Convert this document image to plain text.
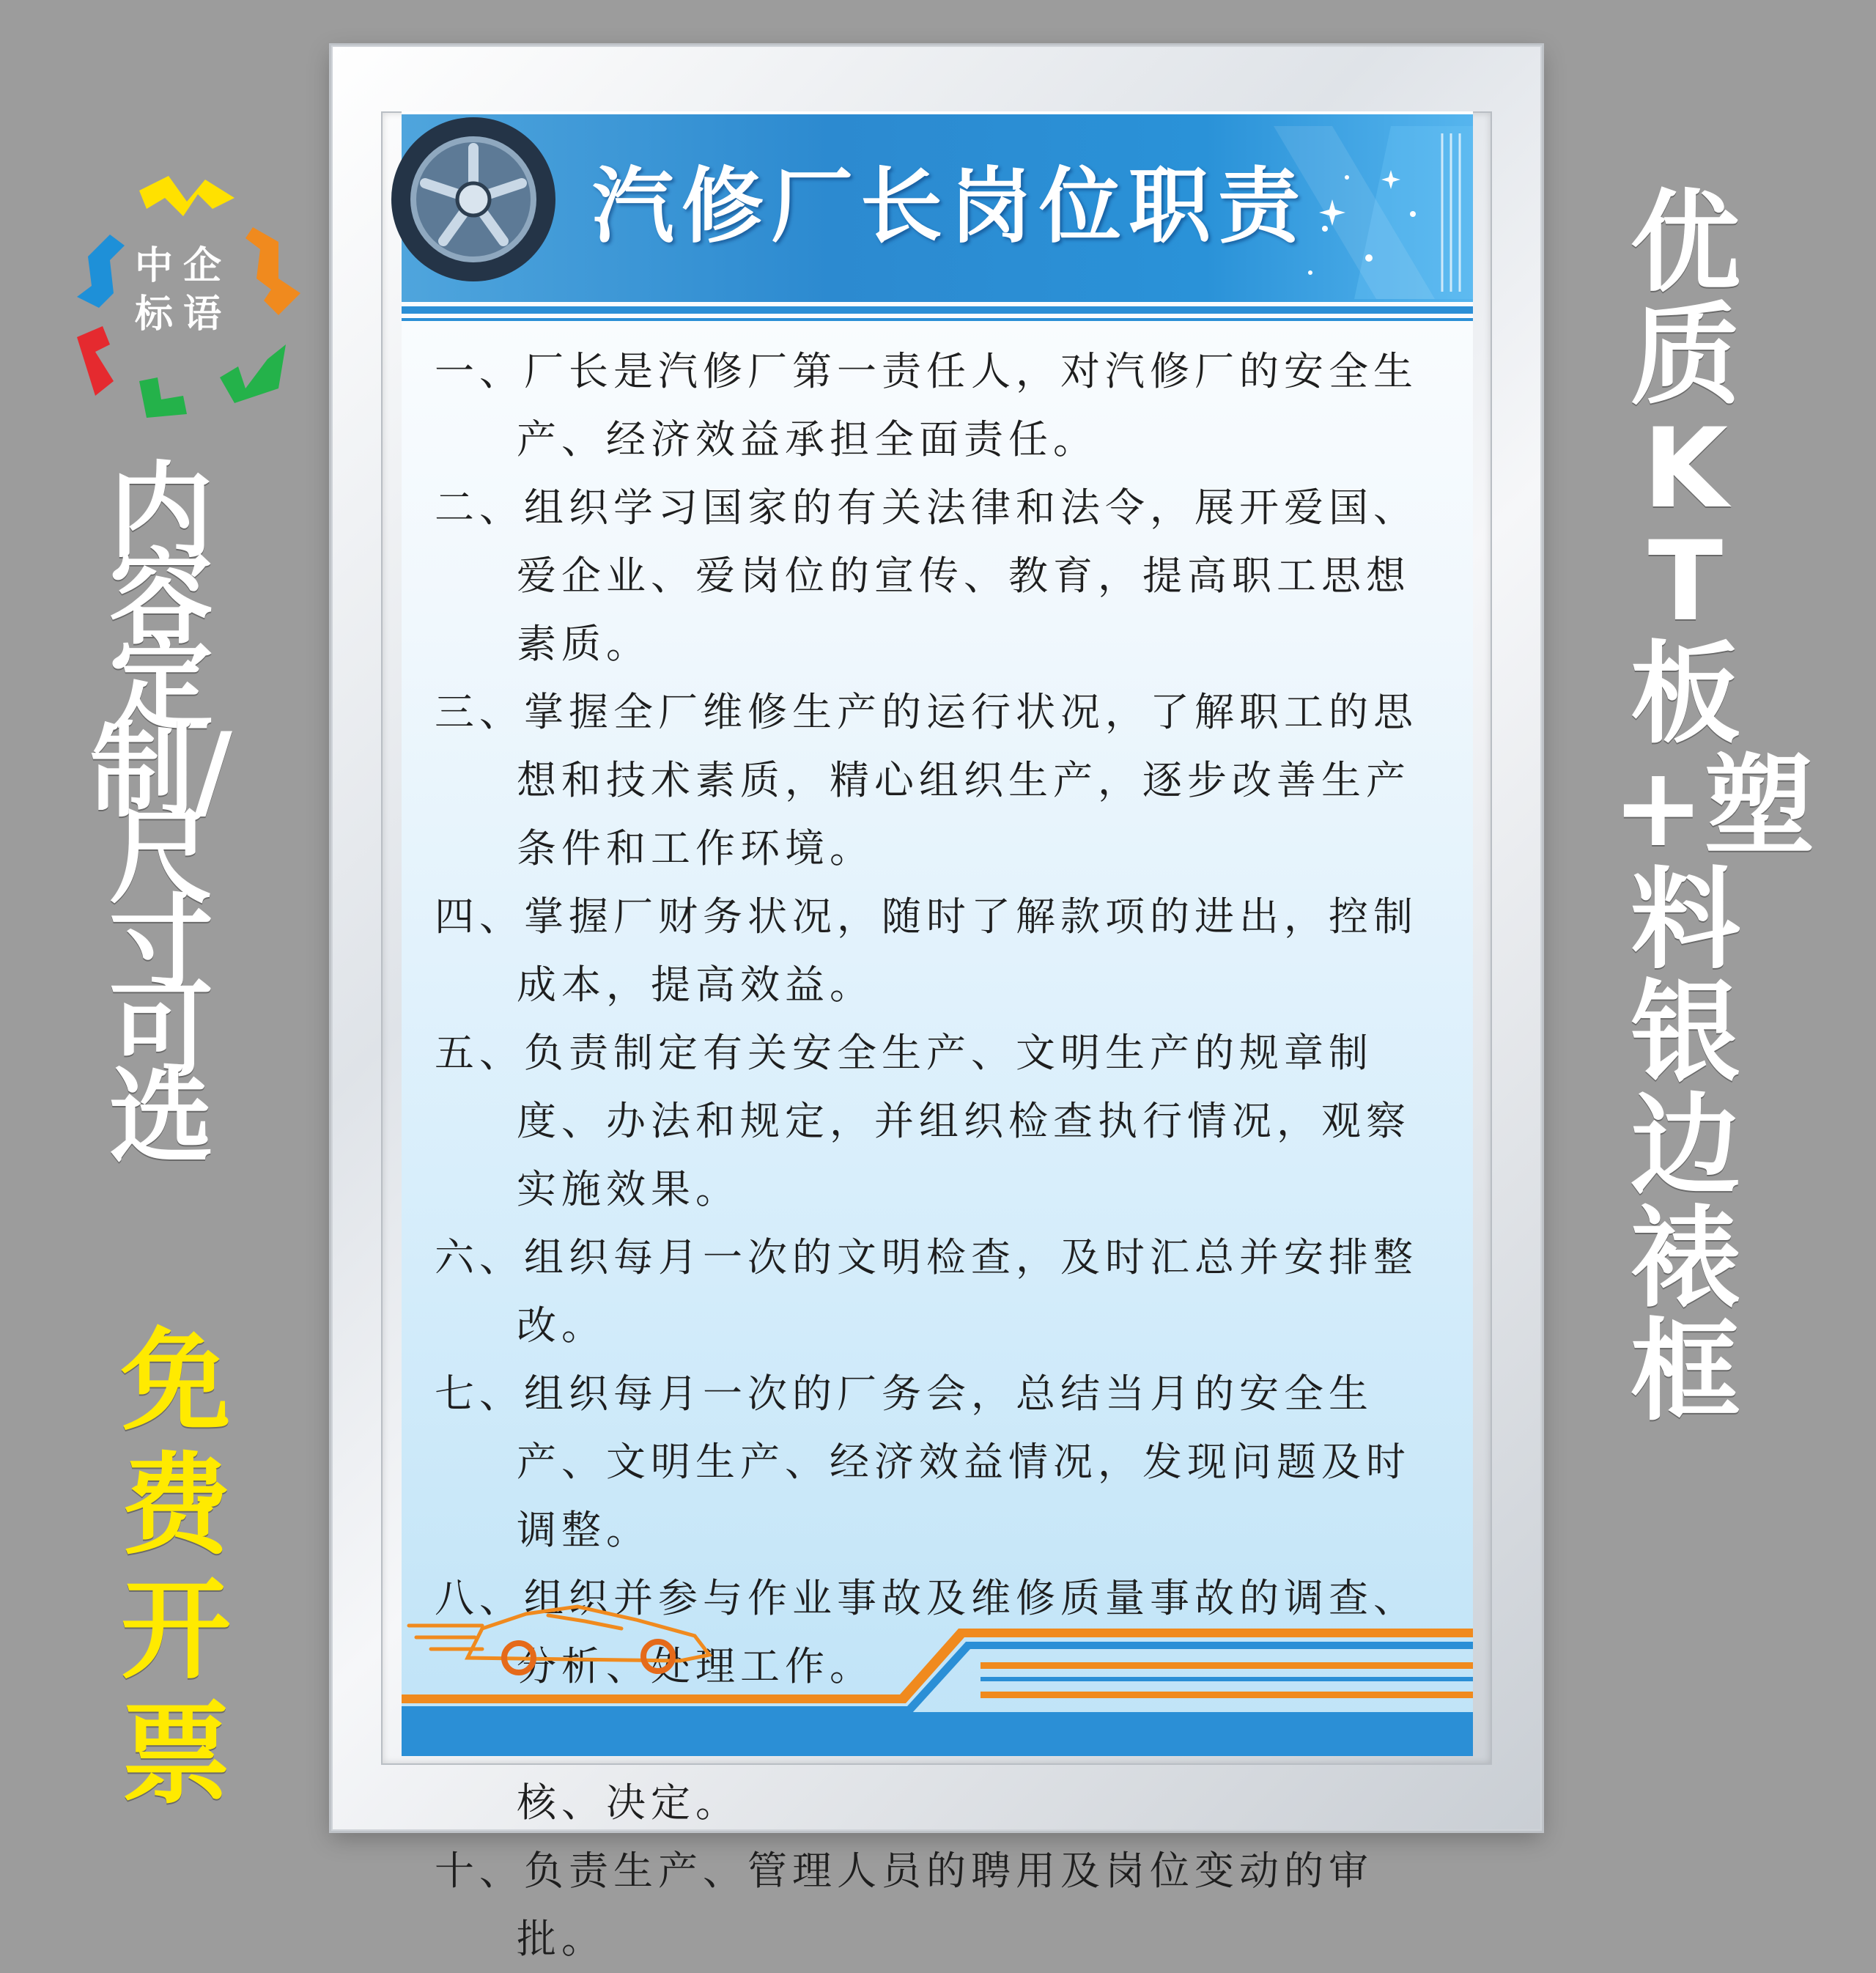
中企标语
内容定制/尺寸可选
免费开票
优质KT板+塑料银边裱框
汽修厂长岗位职责
一、厂长是汽修厂第一责任人，对汽修厂的安全生产、经济效益承担全面责任。
二、组织学习国家的有关法律和法令，展开爱国、爱企业、爱岗位的宣传、教育，提高职工思想素质。
三、掌握全厂维修生产的运行状况，了解职工的思想和技术素质，精心组织生产，逐步改善生产条件和工作环境。
四、掌握厂财务状况，随时了解款项的进出，控制成本，提高效益。
五、负责制定有关安全生产、文明生产的规章制度、办法和规定，并组织检查执行情况，观察实施效果。
六、组织每月一次的文明检查，及时汇总并安排整改。
七、组织每月一次的厂务会，总结当月的安全生产、文明生产、经济效益情况，发现问题及时调整。
八、组织并参与作业事故及维修质量事故的调查、分析、处理工作。
核、决定。
十、负责生产、管理人员的聘用及岗位变动的审批。
